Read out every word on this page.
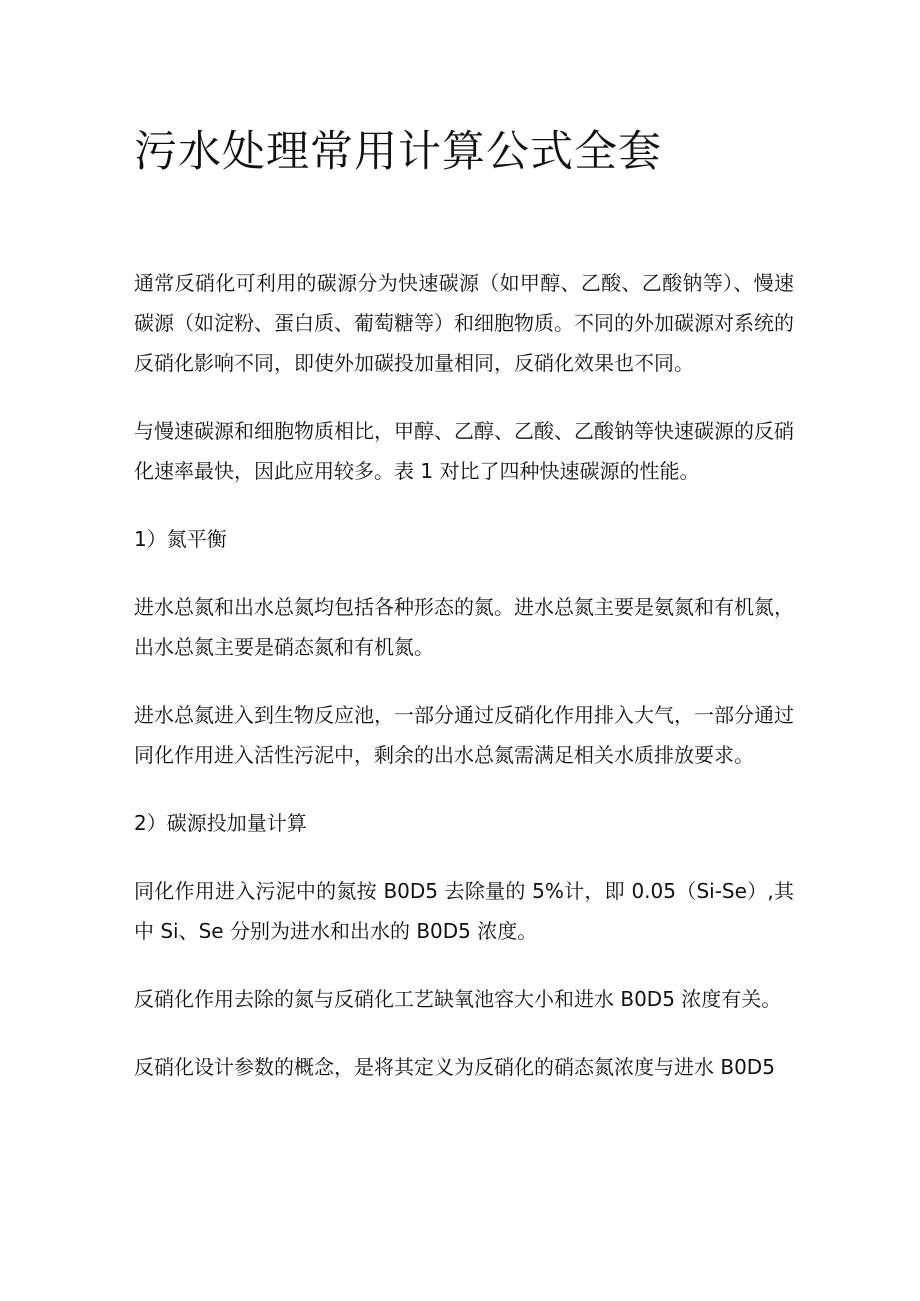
污水处理常用计算公式全套

通常反硝化可利用的碳源分为快速碳源（如甲醇、乙酸、乙酸钠等）、慢速碳源（如淀粉、蛋白质、葡萄糖等）和细胞物质。不同的外加碳源对系统的反硝化影响不同，即使外加碳投加量相同，反硝化效果也不同。

与慢速碳源和细胞物质相比，甲醇、乙醇、乙酸、乙酸钠等快速碳源的反硝化速率最快，因此应用较多。表 1 对比了四种快速碳源的性能。

1）氮平衡

进水总氮和出水总氮均包括各种形态的氮。进水总氮主要是氨氮和有机氮，出水总氮主要是硝态氮和有机氮。

进水总氮进入到生物反应池，一部分通过反硝化作用排入大气，一部分通过同化作用进入活性污泥中，剩余的出水总氮需满足相关水质排放要求。

2）碳源投加量计算

同化作用进入污泥中的氮按 B0D5 去除量的 5%计，即 0.05（Si-Se）,其中 Si、Se 分别为进水和出水的 B0D5 浓度。

反硝化作用去除的氮与反硝化工艺缺氧池容大小和进水 B0D5 浓度有关。

反硝化设计参数的概念，是将其定义为反硝化的硝态氮浓度与进水 B0D5
